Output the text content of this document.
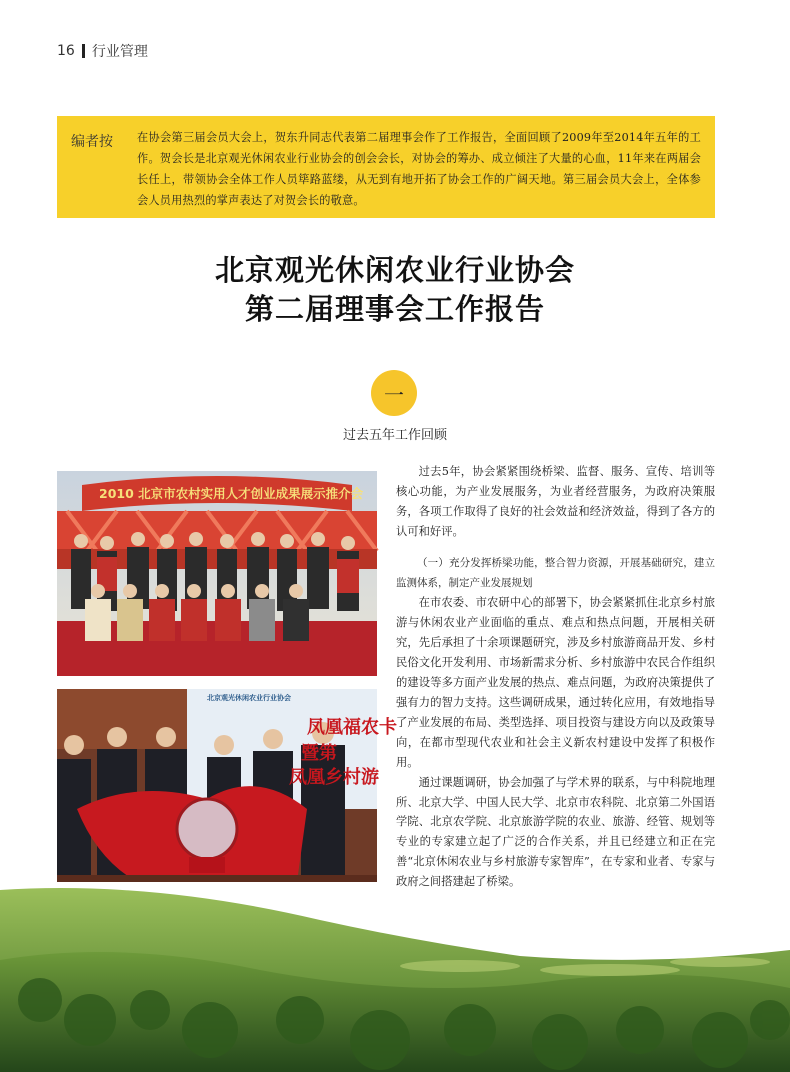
16 行业管理
编者按	在协会第三届会员大会上，贺东升同志代表第二届理事会作了工作报告，全面回顾了2009年至2014年五年的工作。贺会长是北京观光休闲农业行业协会的创会会长，对协会的筹办、成立倾注了大量的心血，11年来在两届会长任上，带领协会全体工作人员筚路蓝缕，从无到有地开拓了协会工作的广阔天地。第三届会员大会上，全体参会人员用热烈的掌声表达了对贺会长的敬意。
北京观光休闲农业行业协会
第二届理事会工作报告
一
过去五年工作回顾
2010 北京市农村实用人才创业成果展示推介会
北京观光休闲农业行业协会
凤凰福农卡
暨第
凤凰乡村游

过去5年，协会紧紧围绕桥梁、监督、服务、宣传、培训等核心功能，为产业发展服务，为业者经营服务，为政府决策服务，各项工作取得了良好的社会效益和经济效益，得到了各方的认可和好评。

（一）充分发挥桥梁功能，整合智力资源，开展基础研究，建立监测体系，制定产业发展规划

在市农委、市农研中心的部署下，协会紧紧抓住北京乡村旅游与休闲农业产业面临的重点、难点和热点问题，开展相关研究，先后承担了十余项课题研究，涉及乡村旅游商品开发、乡村民俗文化开发利用、市场新需求分析、乡村旅游中农民合作组织的建设等多方面产业发展的热点、难点问题，为政府决策提供了强有力的智力支持。这些调研成果，通过转化应用，有效地指导了产业发展的布局、类型选择、项目投资与建设方向以及政策导向，在都市型现代农业和社会主义新农村建设中发挥了积极作用。

通过课题调研，协会加强了与学术界的联系，与中科院地理所、北京大学、中国人民大学、北京市农科院、北京第二外国语学院、北京农学院、北京旅游学院的农业、旅游、经管、规划等专业的专家建立起了广泛的合作关系，并且已经建立和正在完善“北京休闲农业与乡村旅游专家智库”，在专家和业者、专家与政府之间搭建起了桥梁。
